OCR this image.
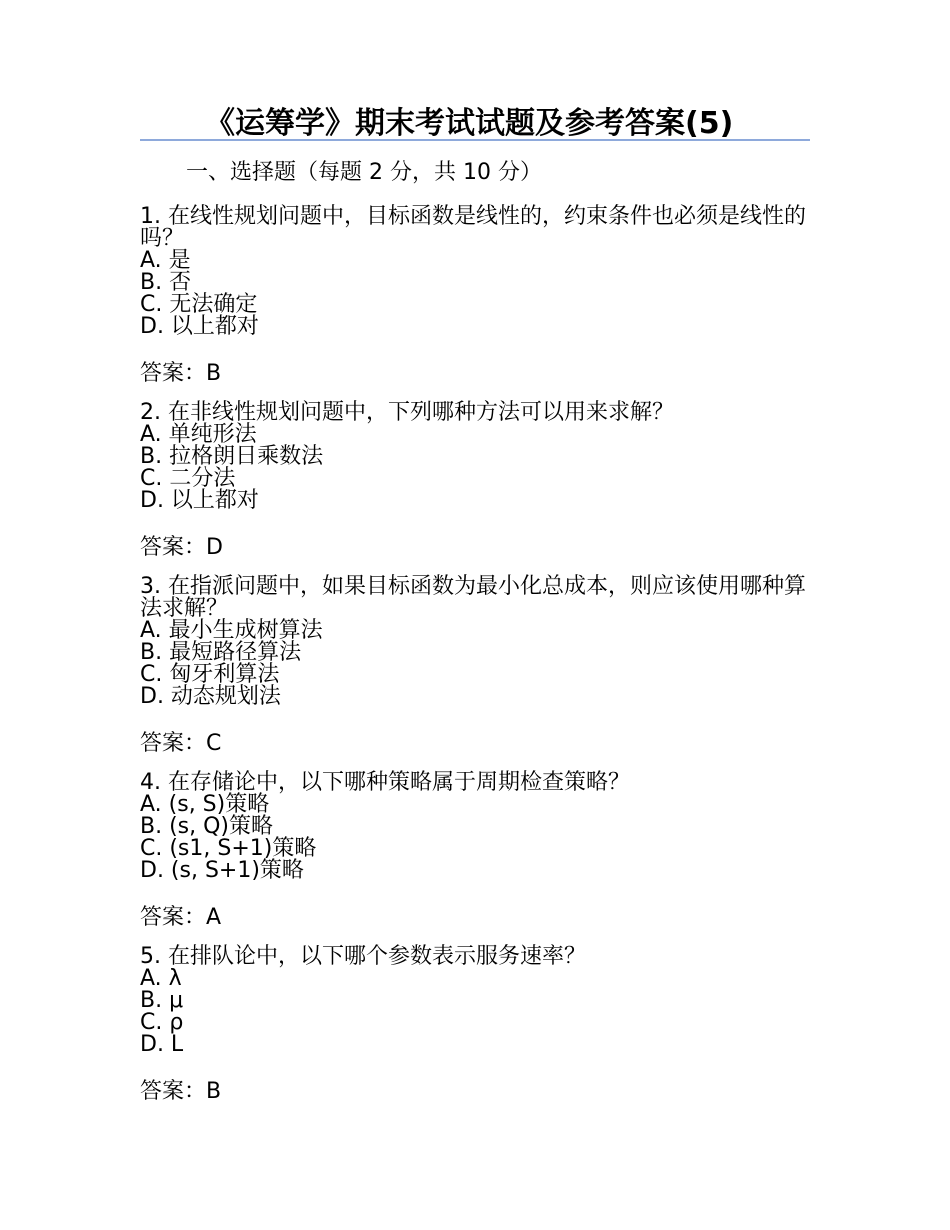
《运筹学》期末考试试题及参考答案(5)
一、选择题（每题 2 分，共 10 分）
1. 在线性规划问题中，目标函数是线性的，约束条件也必须是线性的吗？
A. 是
B. 否
C. 无法确定
D. 以上都对
答案：B
2. 在非线性规划问题中，下列哪种方法可以用来求解？
A. 单纯形法
B. 拉格朗日乘数法
C. 二分法
D. 以上都对
答案：D
3. 在指派问题中，如果目标函数为最小化总成本，则应该使用哪种算法求解？
A. 最小生成树算法
B. 最短路径算法
C. 匈牙利算法
D. 动态规划法
答案：C
4. 在存储论中，以下哪种策略属于周期检查策略？
A. (s, S)策略
B. (s, Q)策略
C. (s1, S+1)策略
D. (s, S+1)策略
答案：A
5. 在排队论中，以下哪个参数表示服务速率？
A. λ
B. μ
C. ρ
D. L
答案：B
